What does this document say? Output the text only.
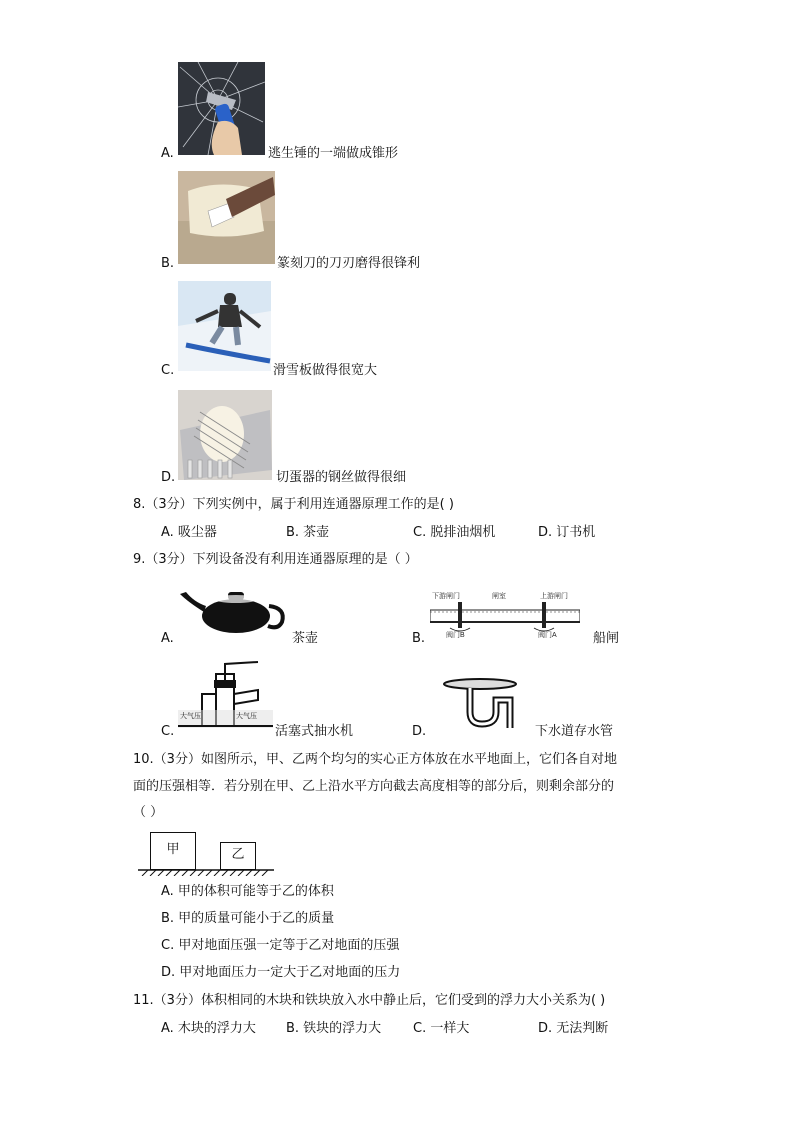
A.	逃生锤的一端做成锥形
B.	篆刻刀的刀刃磨得很锋利
C.	滑雪板做得很宽大
D.	切蛋器的钢丝做得很细
8.（3分）下列实例中，属于利用连通器原理工作的是( )
A. 吸尘器	B. 茶壶	C. 脱排油烟机	D. 订书机
9.（3分）下列设备没有利用连通器原理的是（ ）
A.	茶壶
下游闸门	闸室	上游闸门
阀门B	阀门A
B.	船闸
大气压	大气压
C.	活塞式抽水机	D.	下水道存水管
10.（3分）如图所示，甲、乙两个均匀的实心正方体放在水平地面上，它们各自对地
面的压强相等．若分别在甲、乙上沿水平方向截去高度相等的部分后，则剩余部分的
（ ）
甲	乙
A. 甲的体积可能等于乙的体积
B. 甲的质量可能小于乙的质量
C. 甲对地面压强一定等于乙对地面的压强
D. 甲对地面压力一定大于乙对地面的压力
11.（3分）体积相同的木块和铁块放入水中静止后，它们受到的浮力大小关系为( )
A. 木块的浮力大 B. 铁块的浮力大 C. 一样大	D. 无法判断
